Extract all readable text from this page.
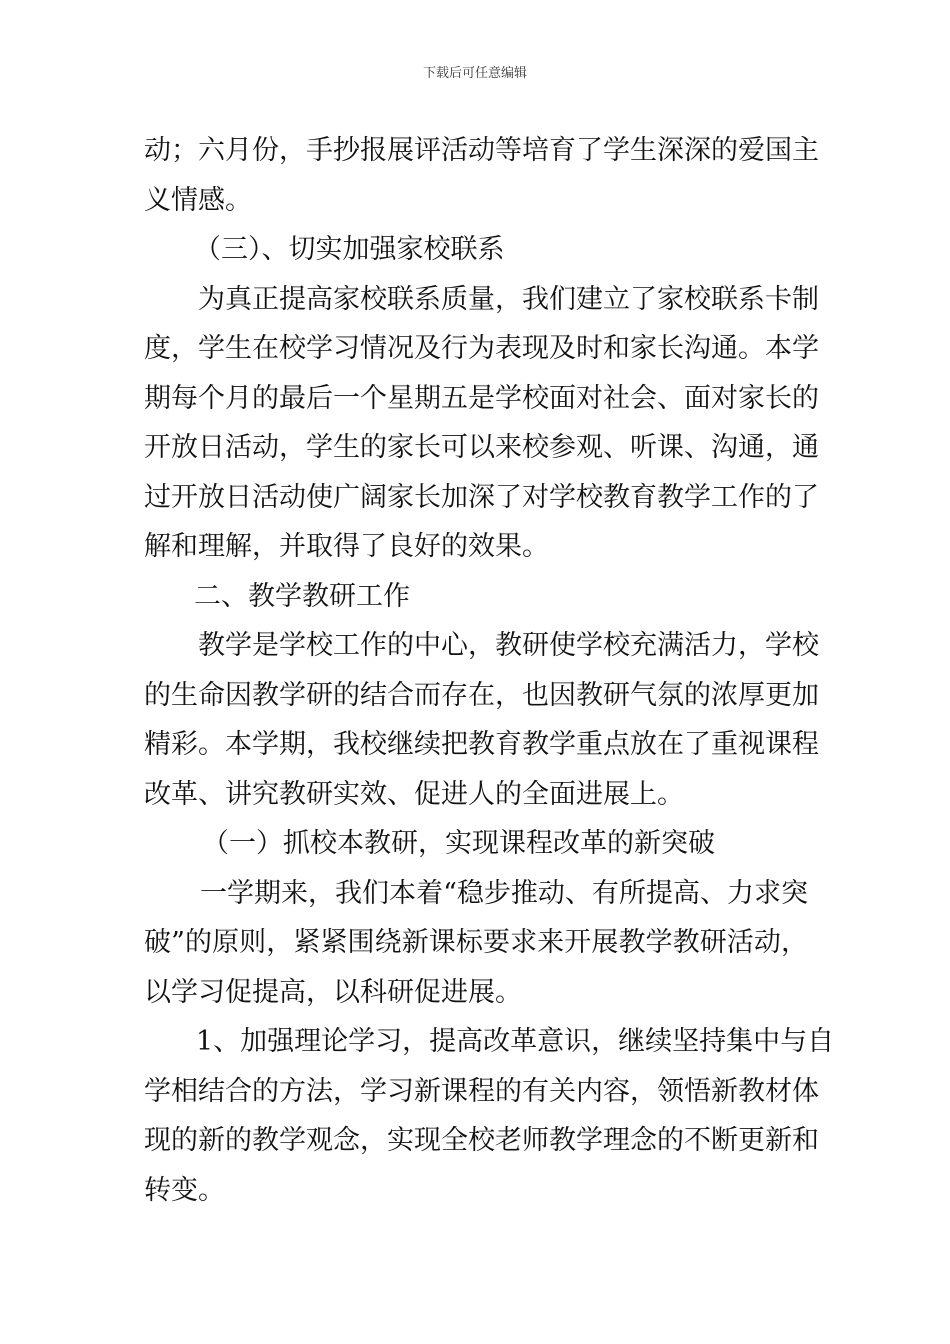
下载后可任意编辑
动；六月份，手抄报展评活动等培育了学生深深的爱国主
义情感。
（三）、切实加强家校联系
为真正提高家校联系质量，我们建立了家校联系卡制
度，学生在校学习情况及行为表现及时和家长沟通。本学
期每个月的最后一个星期五是学校面对社会、面对家长的
开放日活动，学生的家长可以来校参观、听课、沟通，通
过开放日活动使广阔家长加深了对学校教育教学工作的了
解和理解，并取得了良好的效果。
二、教学教研工作
教学是学校工作的中心，教研使学校充满活力，学校
的生命因教学研的结合而存在，也因教研气氛的浓厚更加
精彩。本学期，我校继续把教育教学重点放在了重视课程
改革、讲究教研实效、促进人的全面进展上。
（一）抓校本教研，实现课程改革的新突破
一学期来，我们本着“稳步推动、有所提高、力求突
破”的原则，紧紧围绕新课标要求来开展教学教研活动，
以学习促提高，以科研促进展。
1、加强理论学习，提高改革意识，继续坚持集中与自
学相结合的方法，学习新课程的有关内容，领悟新教材体
现的新的教学观念，实现全校老师教学理念的不断更新和
转变。
